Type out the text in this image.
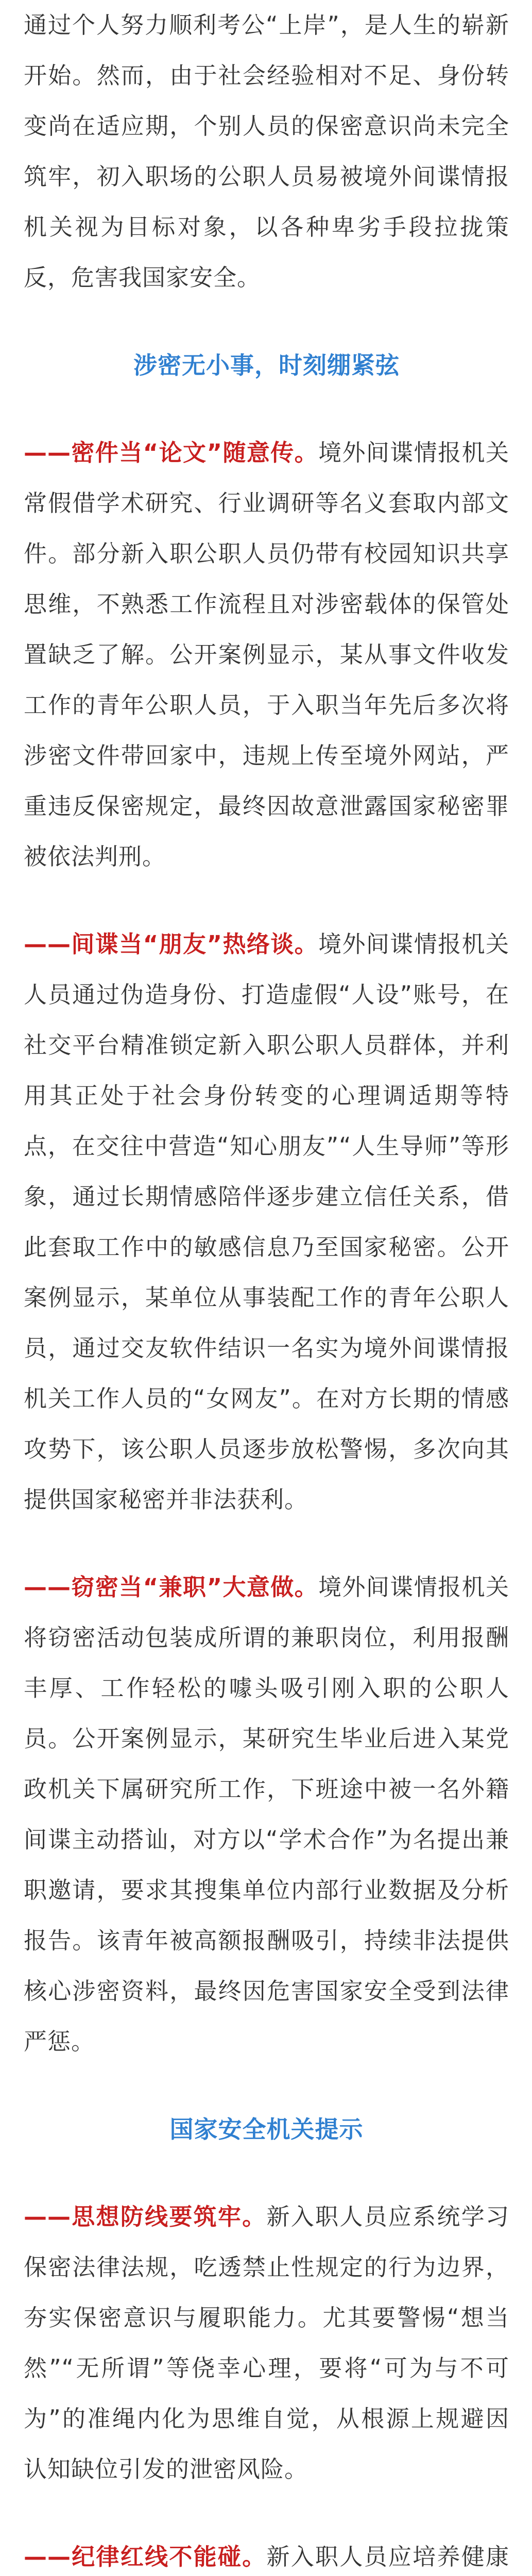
通过个人努力顺利考公“上岸”，是人生的崭新开始。然而，由于社会经验相对不足、身份转变尚在适应期，个别人员的保密意识尚未完全筑牢，初入职场的公职人员易被境外间谍情报机关视为目标对象，以各种卑劣手段拉拢策反，危害我国家安全。

涉密无小事，时刻绷紧弦

——密件当“论文”随意传。境外间谍情报机关常假借学术研究、行业调研等名义套取内部文件。部分新入职公职人员仍带有校园知识共享思维，不熟悉工作流程且对涉密载体的保管处置缺乏了解。公开案例显示，某从事文件收发工作的青年公职人员，于入职当年先后多次将涉密文件带回家中，违规上传至境外网站，严重违反保密规定，最终因故意泄露国家秘密罪被依法判刑。

——间谍当“朋友”热络谈。境外间谍情报机关人员通过伪造身份、打造虚假“人设”账号，在社交平台精准锁定新入职公职人员群体，并利用其正处于社会身份转变的心理调适期等特点，在交往中营造“知心朋友”“人生导师”等形象，通过长期情感陪伴逐步建立信任关系，借此套取工作中的敏感信息乃至国家秘密。公开案例显示，某单位从事装配工作的青年公职人员，通过交友软件结识一名实为境外间谍情报机关工作人员的“女网友”。在对方长期的情感攻势下，该公职人员逐步放松警惕，多次向其提供国家秘密并非法获利。

——窃密当“兼职”大意做。境外间谍情报机关将窃密活动包装成所谓的兼职岗位，利用报酬丰厚、工作轻松的噱头吸引刚入职的公职人员。公开案例显示，某研究生毕业后进入某党政机关下属研究所工作，下班途中被一名外籍间谍主动搭讪，对方以“学术合作”为名提出兼职邀请，要求其搜集单位内部行业数据及分析报告。该青年被高额报酬吸引，持续非法提供核心涉密资料，最终因危害国家安全受到法律严惩。

国家安全机关提示

——思想防线要筑牢。新入职人员应系统学习保密法律法规，吃透禁止性规定的行为边界，夯实保密意识与履职能力。尤其要警惕“想当然”“无所谓”等侥幸心理，要将“可为与不可为”的准绳内化为思维自觉，从根源上规避因认知缺位引发的泄密风险。

——纪律红线不能碰。新入职人员应培养健康
